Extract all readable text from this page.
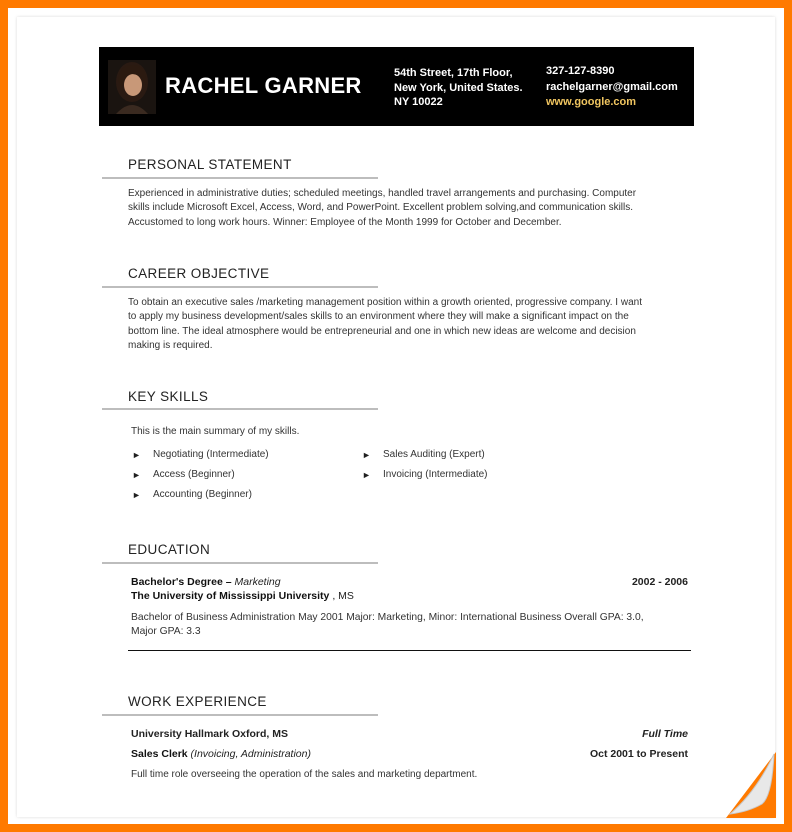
RACHEL GARNER	54th Street, 17th Floor,
New York, United States.
NY 10022
327-127-8390
rachelgarner@gmail.com
www.google.com
PERSONAL STATEMENT
Experienced in administrative duties; scheduled meetings, handled travel arrangements and purchasing. Computer
skills include Microsoft Excel, Access, Word, and PowerPoint. Excellent problem solving,and communication skills.
Accustomed to long work hours. Winner: Employee of the Month 1999 for October and December.
CAREER OBJECTIVE
To obtain an executive sales /marketing management position within a growth oriented, progressive company. I want
to apply my business development/sales skills to an environment where they will make a significant impact on the
bottom line. The ideal atmosphere would be entrepreneurial and one in which new ideas are welcome and decision
making is required.
KEY SKILLS
This is the main summary of my skills.
► Negotiating (Intermediate)
► Access (Beginner)
► Accounting (Beginner)
► Sales Auditing (Expert)
► Invoicing (Intermediate)
EDUCATION
Bachelor's Degree – Marketing	2002 - 2006
The University of Mississippi University , MS
Bachelor of Business Administration May 2001 Major: Marketing, Minor: International Business Overall GPA: 3.0,
Major GPA: 3.3
WORK EXPERIENCE
University Hallmark Oxford, MS	Full Time
Sales Clerk (Invoicing, Administration)	Oct 2001 to Present
Full time role overseeing the operation of the sales and marketing department.
